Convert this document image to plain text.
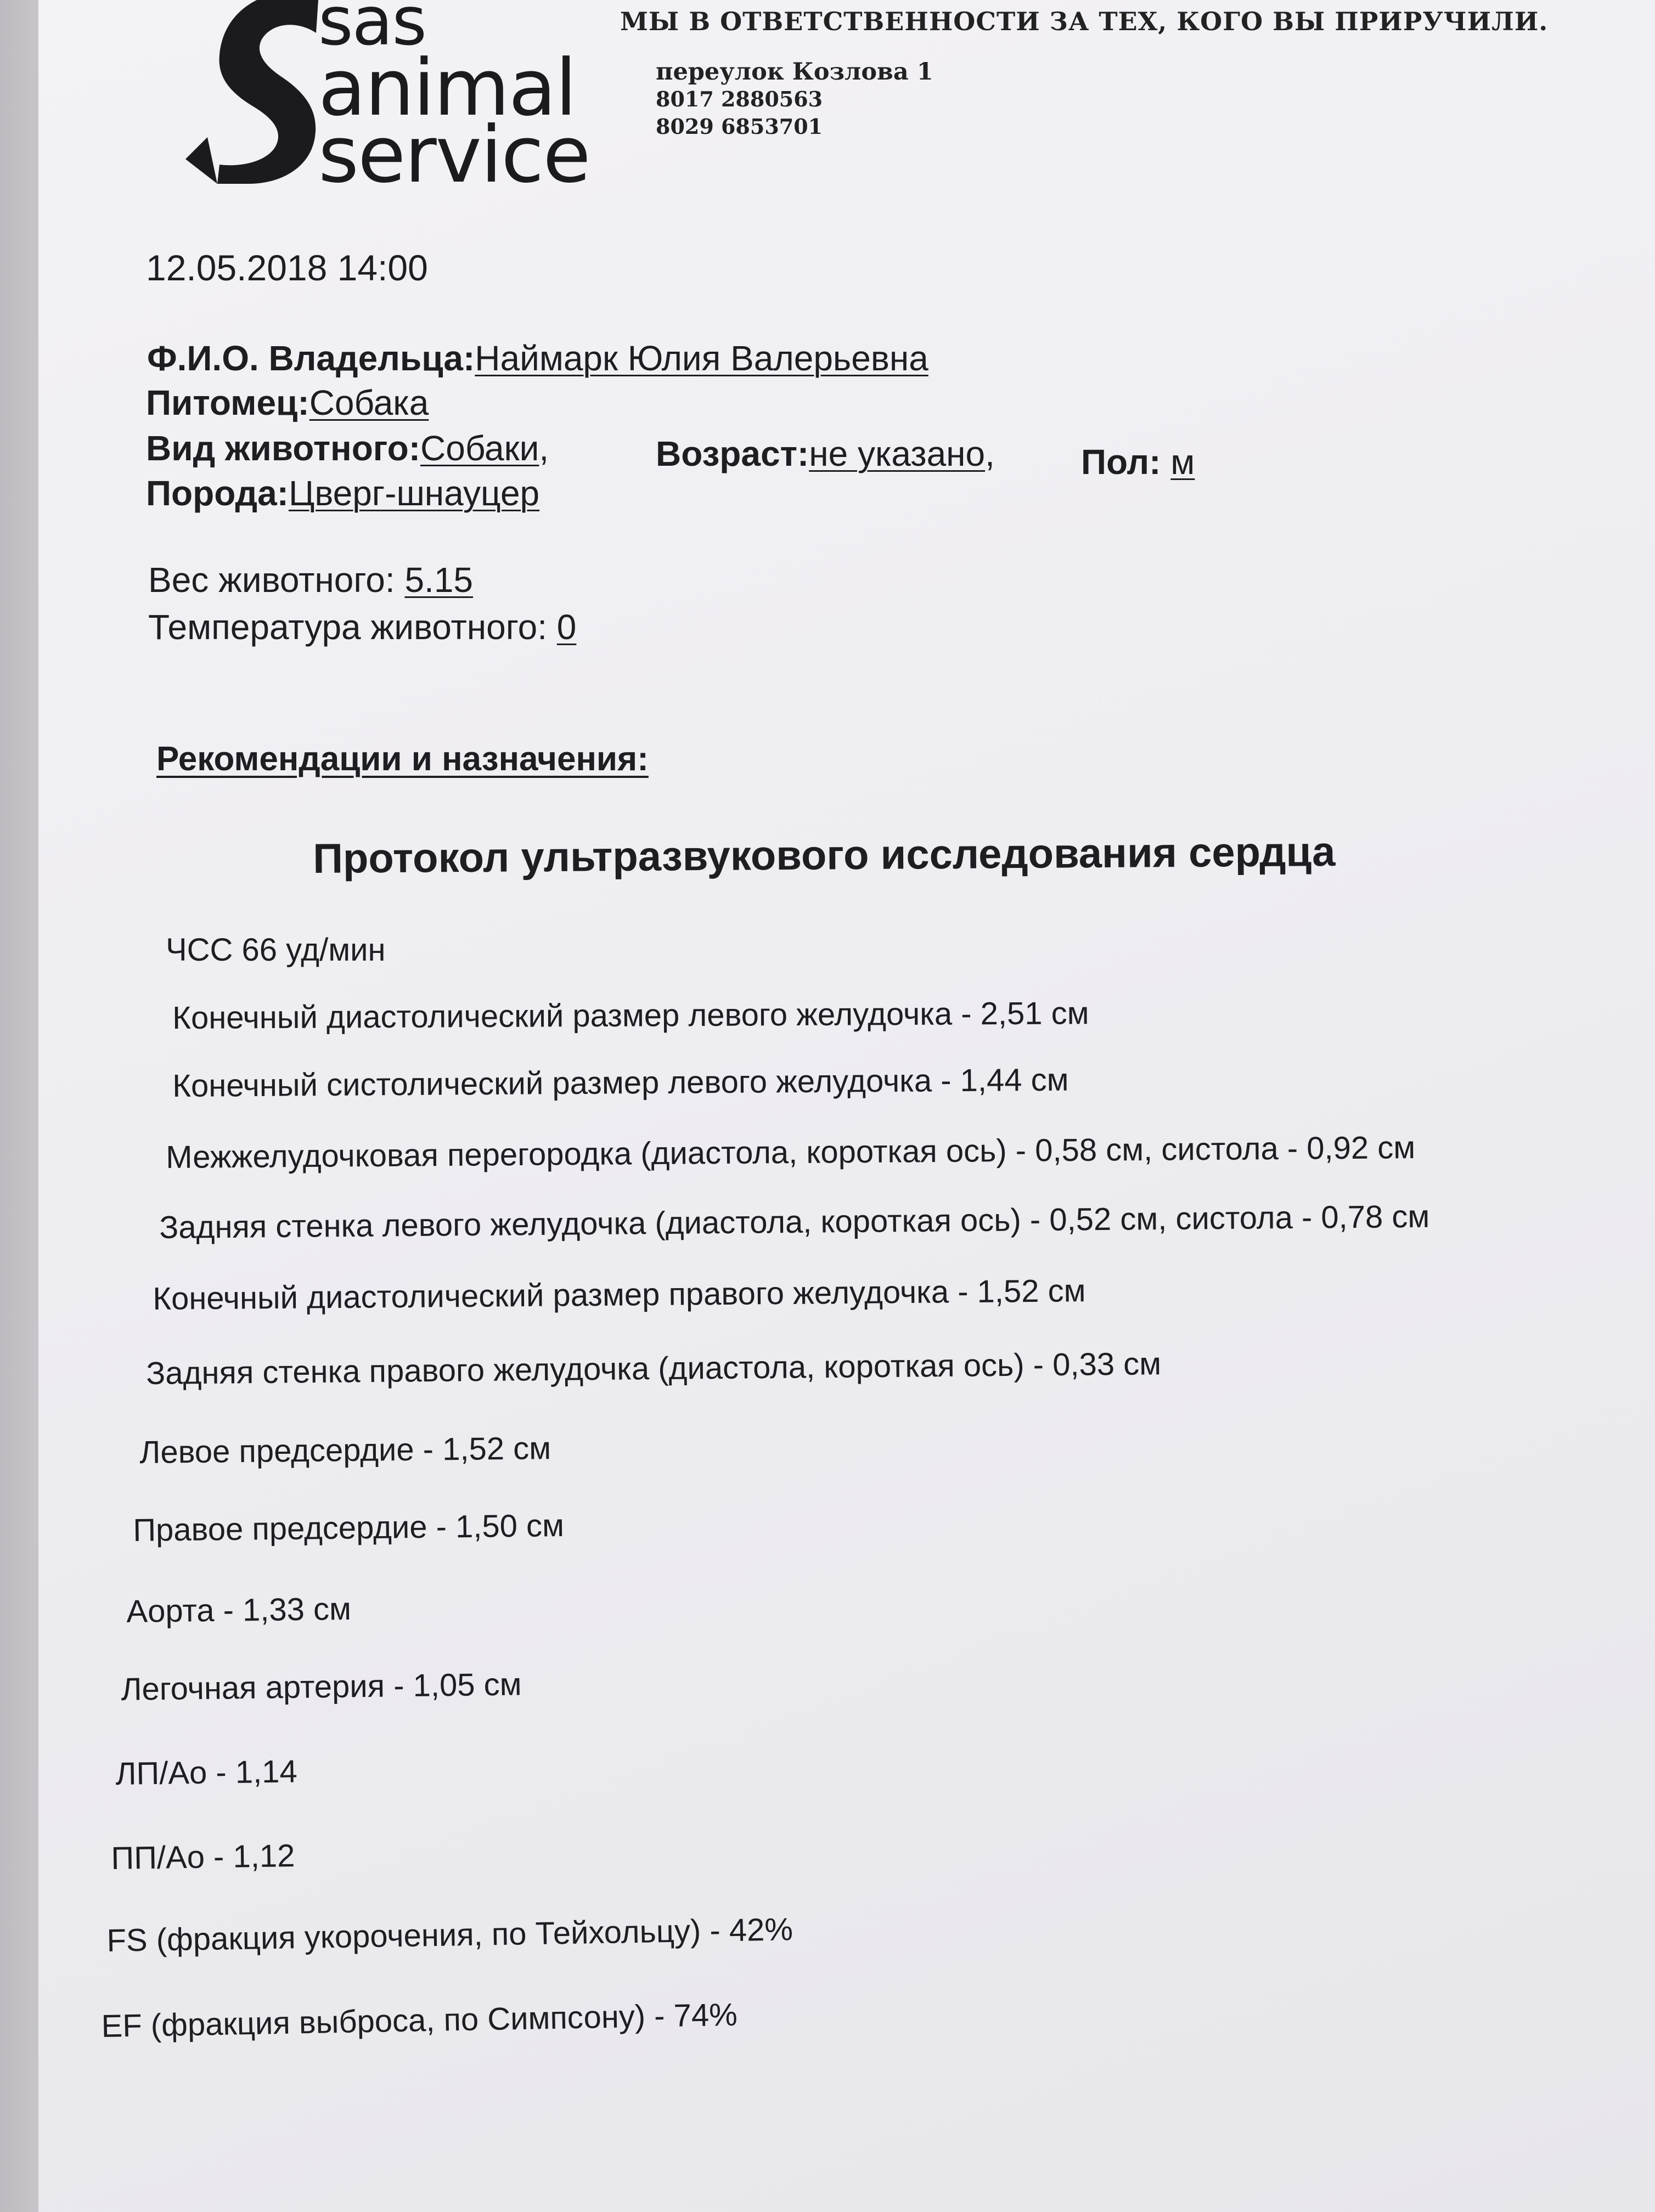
sas
animal
service
МЫ В ОТВЕТСТВЕННОСТИ ЗА ТЕХ, КОГО ВЫ ПРИРУЧИЛИ.
переулок Козлова 1
8017 2880563
8029 6853701
12.05.2018 14:00
Ф.И.О. Владельца:Наймарк Юлия Валерьевна
Питомец:Собака
Вид животного:Собаки,	Возраст:не указано, Пол: м
Порода:Цверг-шнауцер
Вес животного: 5.15
Температура животного: 0
Рекомендации и назначения:
Протокол ультразвукового исследования сердца
ЧСС 66 уд/мин
Конечный диастолический размер левого желудочка - 2,51 см
Конечный систолический размер левого желудочка - 1,44 см
Межжелудочковая перегородка (диастола, короткая ось) - 0,58 см, систола - 0,92 см
Задняя стенка левого желудочка (диастола, короткая ось) - 0,52 см, систола - 0,78 см
Конечный диастолический размер правого желудочка - 1,52 см
Задняя стенка правого желудочка (диастола, короткая ось) - 0,33 см
Левое предсердие - 1,52 см
Правое предсердие - 1,50 см
Аорта - 1,33 см
Легочная артерия - 1,05 см
ЛП/Ао - 1,14
ПП/Ао - 1,12
FS (фракция укорочения, по Тейхольцу) - 42%
EF (фракция выброса, по Симпсону) - 74%
